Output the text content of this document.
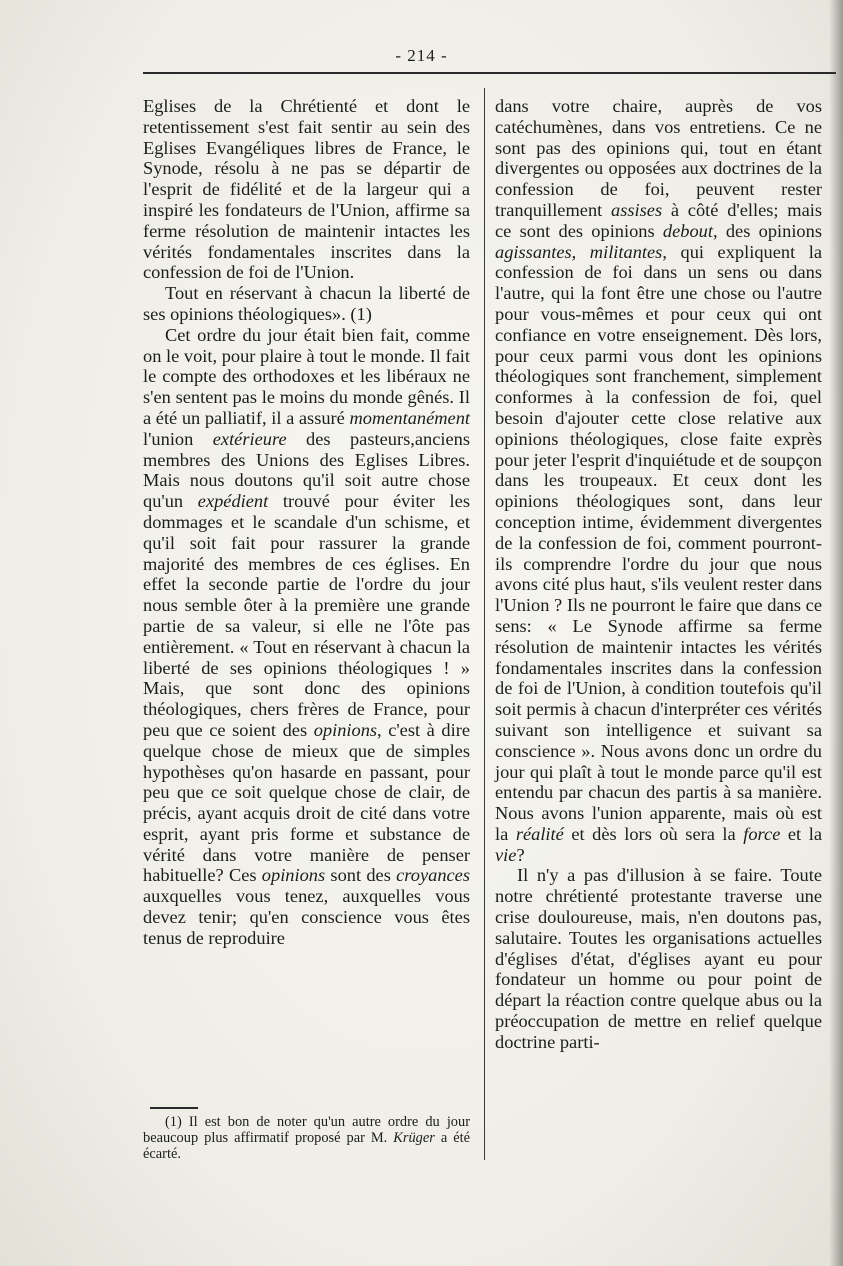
- 214 -

Eglises de la Chrétienté et dont le retentissement s'est fait sentir au sein des Eglises Evangéliques libres de France, le Synode, résolu à ne pas se départir de l'esprit de fidélité et de la largeur qui a inspiré les fondateurs de l'Union, affirme sa ferme résolution de maintenir intactes les vérités fondamentales inscrites dans la confession de foi de l'Union.

Tout en réservant à chacun la liberté de ses opinions théologiques». (1)

Cet ordre du jour était bien fait, comme on le voit, pour plaire à tout le monde. Il fait le compte des orthodoxes et les libéraux ne s'en sentent pas le moins du monde gênés. Il a été un palliatif, il a assuré momentanément l'union extérieure des pasteurs,anciens membres des Unions des Eglises Libres. Mais nous doutons qu'il soit autre chose qu'un expédient trouvé pour éviter les dommages et le scandale d'un schisme, et qu'il soit fait pour rassurer la grande majorité des membres de ces églises. En effet la seconde partie de l'ordre du jour nous semble ôter à la première une grande partie de sa valeur, si elle ne l'ôte pas entièrement. « Tout en réservant à chacun la liberté de ses opinions théologiques ! » Mais, que sont donc des opinions théologiques, chers frères de France, pour peu que ce soient des opinions, c'est à dire quelque chose de mieux que de simples hypothèses qu'on hasarde en passant, pour peu que ce soit quelque chose de clair, de précis, ayant acquis droit de cité dans votre esprit, ayant pris forme et substance de vérité dans votre manière de penser habituelle? Ces opinions sont des croyances auxquelles vous tenez, auxquelles vous devez tenir; qu'en conscience vous êtes tenus de reproduire

dans votre chaire, auprès de vos catéchumènes, dans vos entretiens. Ce ne sont pas des opinions qui, tout en étant divergentes ou opposées aux doctrines de la confession de foi, peuvent rester tranquillement assises à côté d'elles; mais ce sont des opinions debout, des opinions agissantes, militantes, qui expliquent la confession de foi dans un sens ou dans l'autre, qui la font être une chose ou l'autre pour vous-mêmes et pour ceux qui ont confiance en votre enseignement. Dès lors, pour ceux parmi vous dont les opinions théologiques sont franchement, simplement conformes à la confession de foi, quel besoin d'ajouter cette close relative aux opinions théologiques, close faite exprès pour jeter l'esprit d'inquiétude et de soupçon dans les troupeaux. Et ceux dont les opinions théologiques sont, dans leur conception intime, évidemment divergentes de la confession de foi, comment pourront-ils comprendre l'ordre du jour que nous avons cité plus haut, s'ils veulent rester dans l'Union ? Ils ne pourront le faire que dans ce sens: « Le Synode affirme sa ferme résolution de maintenir intactes les vérités fondamentales inscrites dans la confession de foi de l'Union, à condition toutefois qu'il soit permis à chacun d'interpréter ces vérités suivant son intelligence et suivant sa conscience ». Nous avons donc un ordre du jour qui plaît à tout le monde parce qu'il est entendu par chacun des partis à sa manière. Nous avons l'union apparente, mais où est la réalité et dès lors où sera la force et la vie?

Il n'y a pas d'illusion à se faire. Toute notre chrétienté protestante traverse une crise douloureuse, mais, n'en doutons pas, salutaire. Toutes les organisations actuelles d'églises d'état, d'églises ayant eu pour fondateur un homme ou pour point de départ la réaction contre quelque abus ou la préoccupation de mettre en relief quelque doctrine parti-

(1) Il est bon de noter qu'un autre ordre du jour beaucoup plus affirmatif proposé par M. Krüger a été écarté.
